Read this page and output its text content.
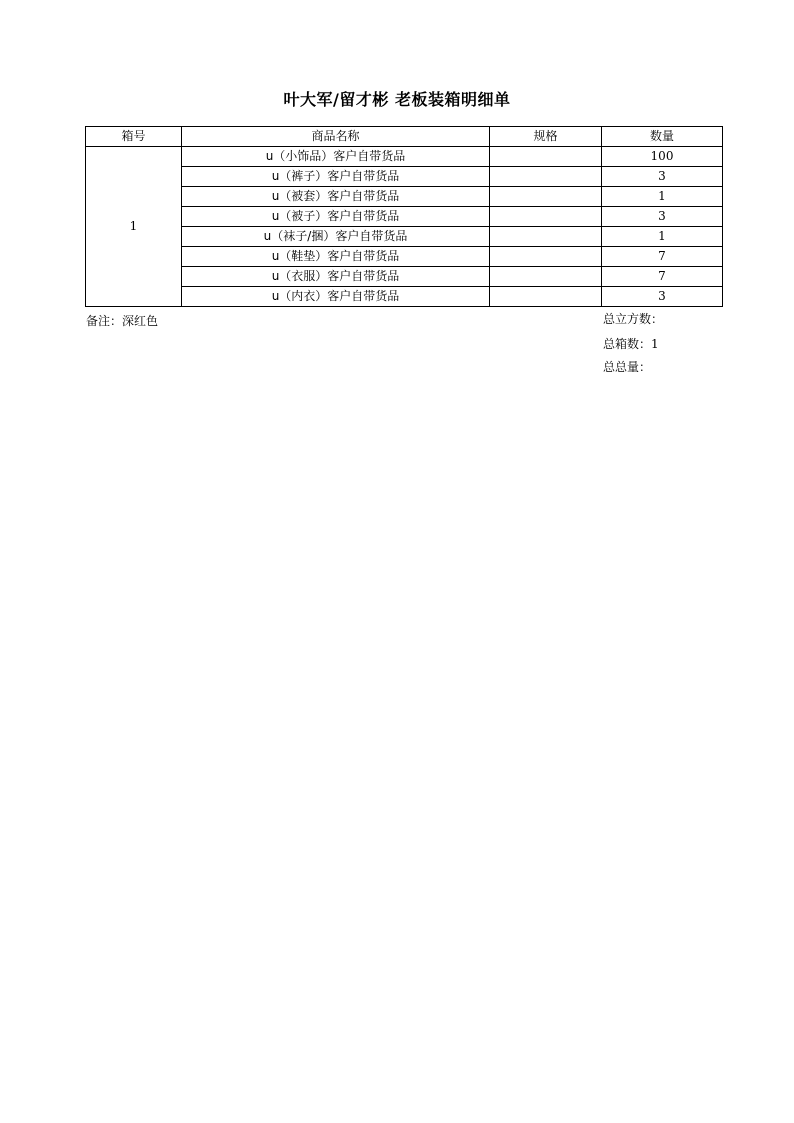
叶大军/留才彬 老板装箱明细单
箱号	商品名称	规格	数量
1	u（小饰品）客户自带货品		100
	u（裤子）客户自带货品		3
	u（被套）客户自带货品		1
	u（被子）客户自带货品		3
	u（袜子/捆）客户自带货品		1
	u（鞋垫）客户自带货品		7
	u（衣服）客户自带货品		7
	u（内衣）客户自带货品		3
备注：深红色	总立方数：
总箱数：1
总总量：
